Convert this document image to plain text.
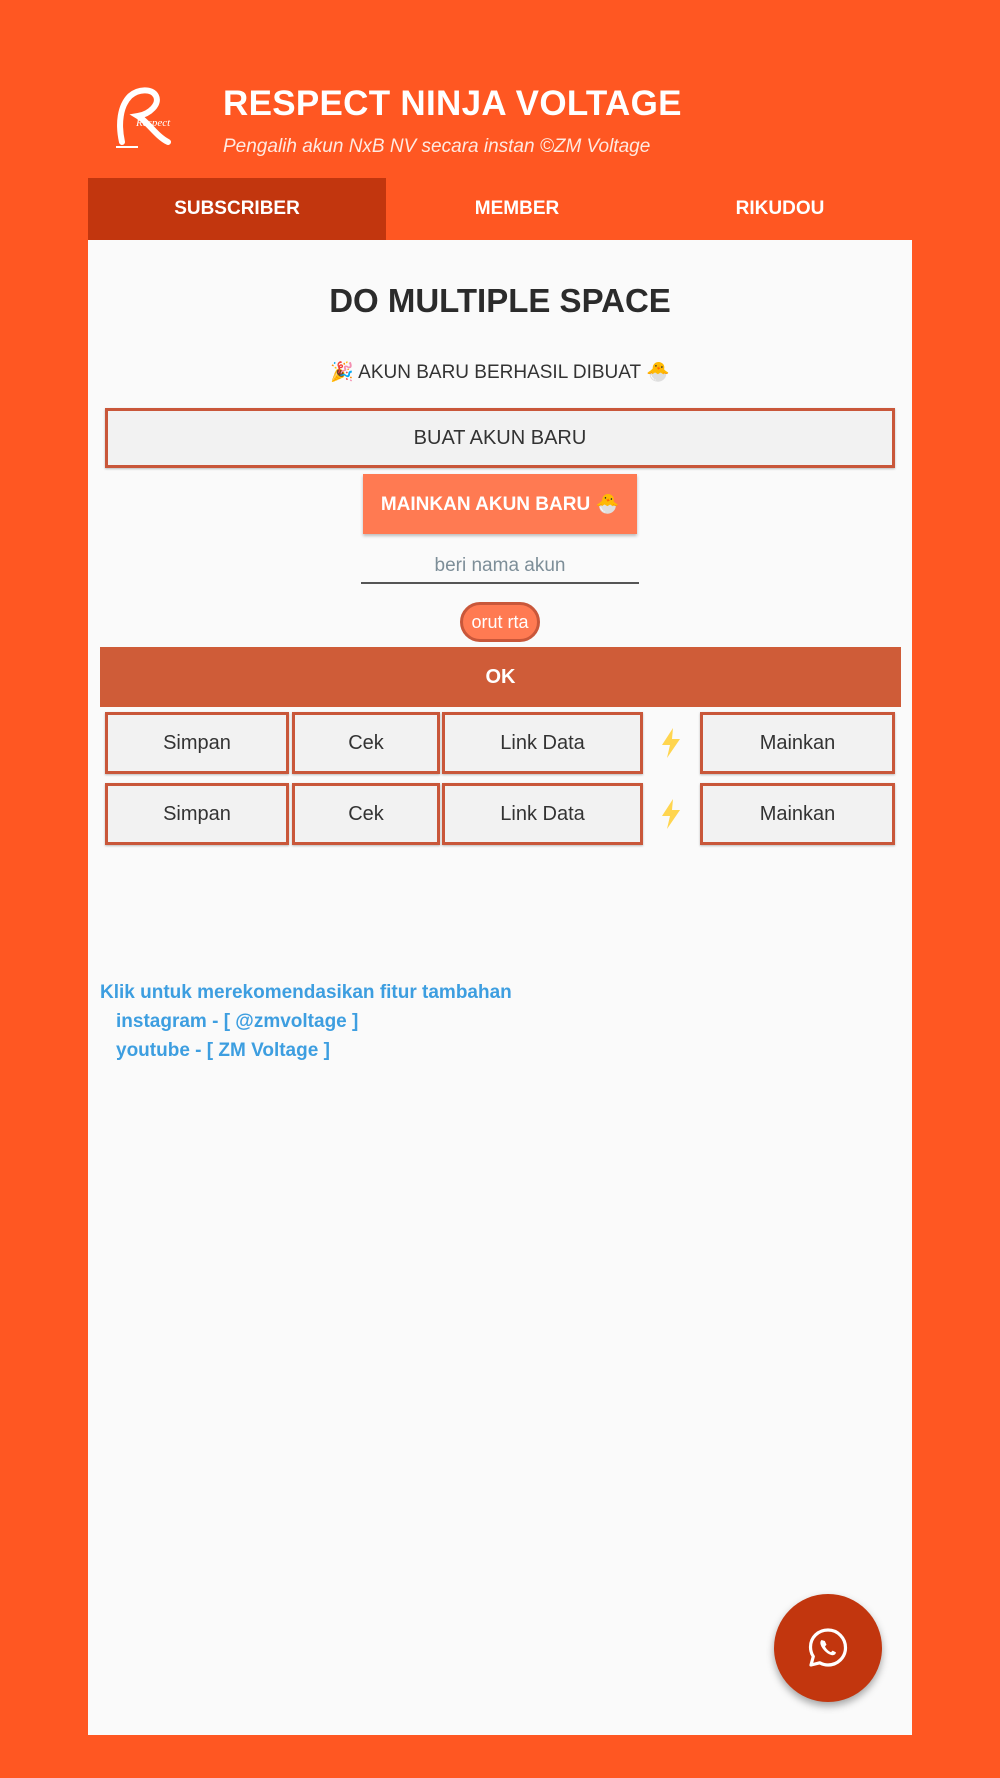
Respect RESPECT NINJA VOLTAGE
Pengalih akun NxB NV secara instan ©ZM Voltage
SUBSCRIBER	MEMBER	RIKUDOU
DO MULTIPLE SPACE
🎉 AKUN BARU BERHASIL DIBUAT 🐣
BUAT AKUN BARU
MAINKAN AKUN BARU 🐣
beri nama akun
orut rta
OK
Simpan	Cek	Link Data	Mainkan
Simpan	Cek	Link Data	Mainkan
Klik untuk merekomendasikan fitur tambahan
instagram - [ @zmvoltage ]
youtube - [ ZM Voltage ]
